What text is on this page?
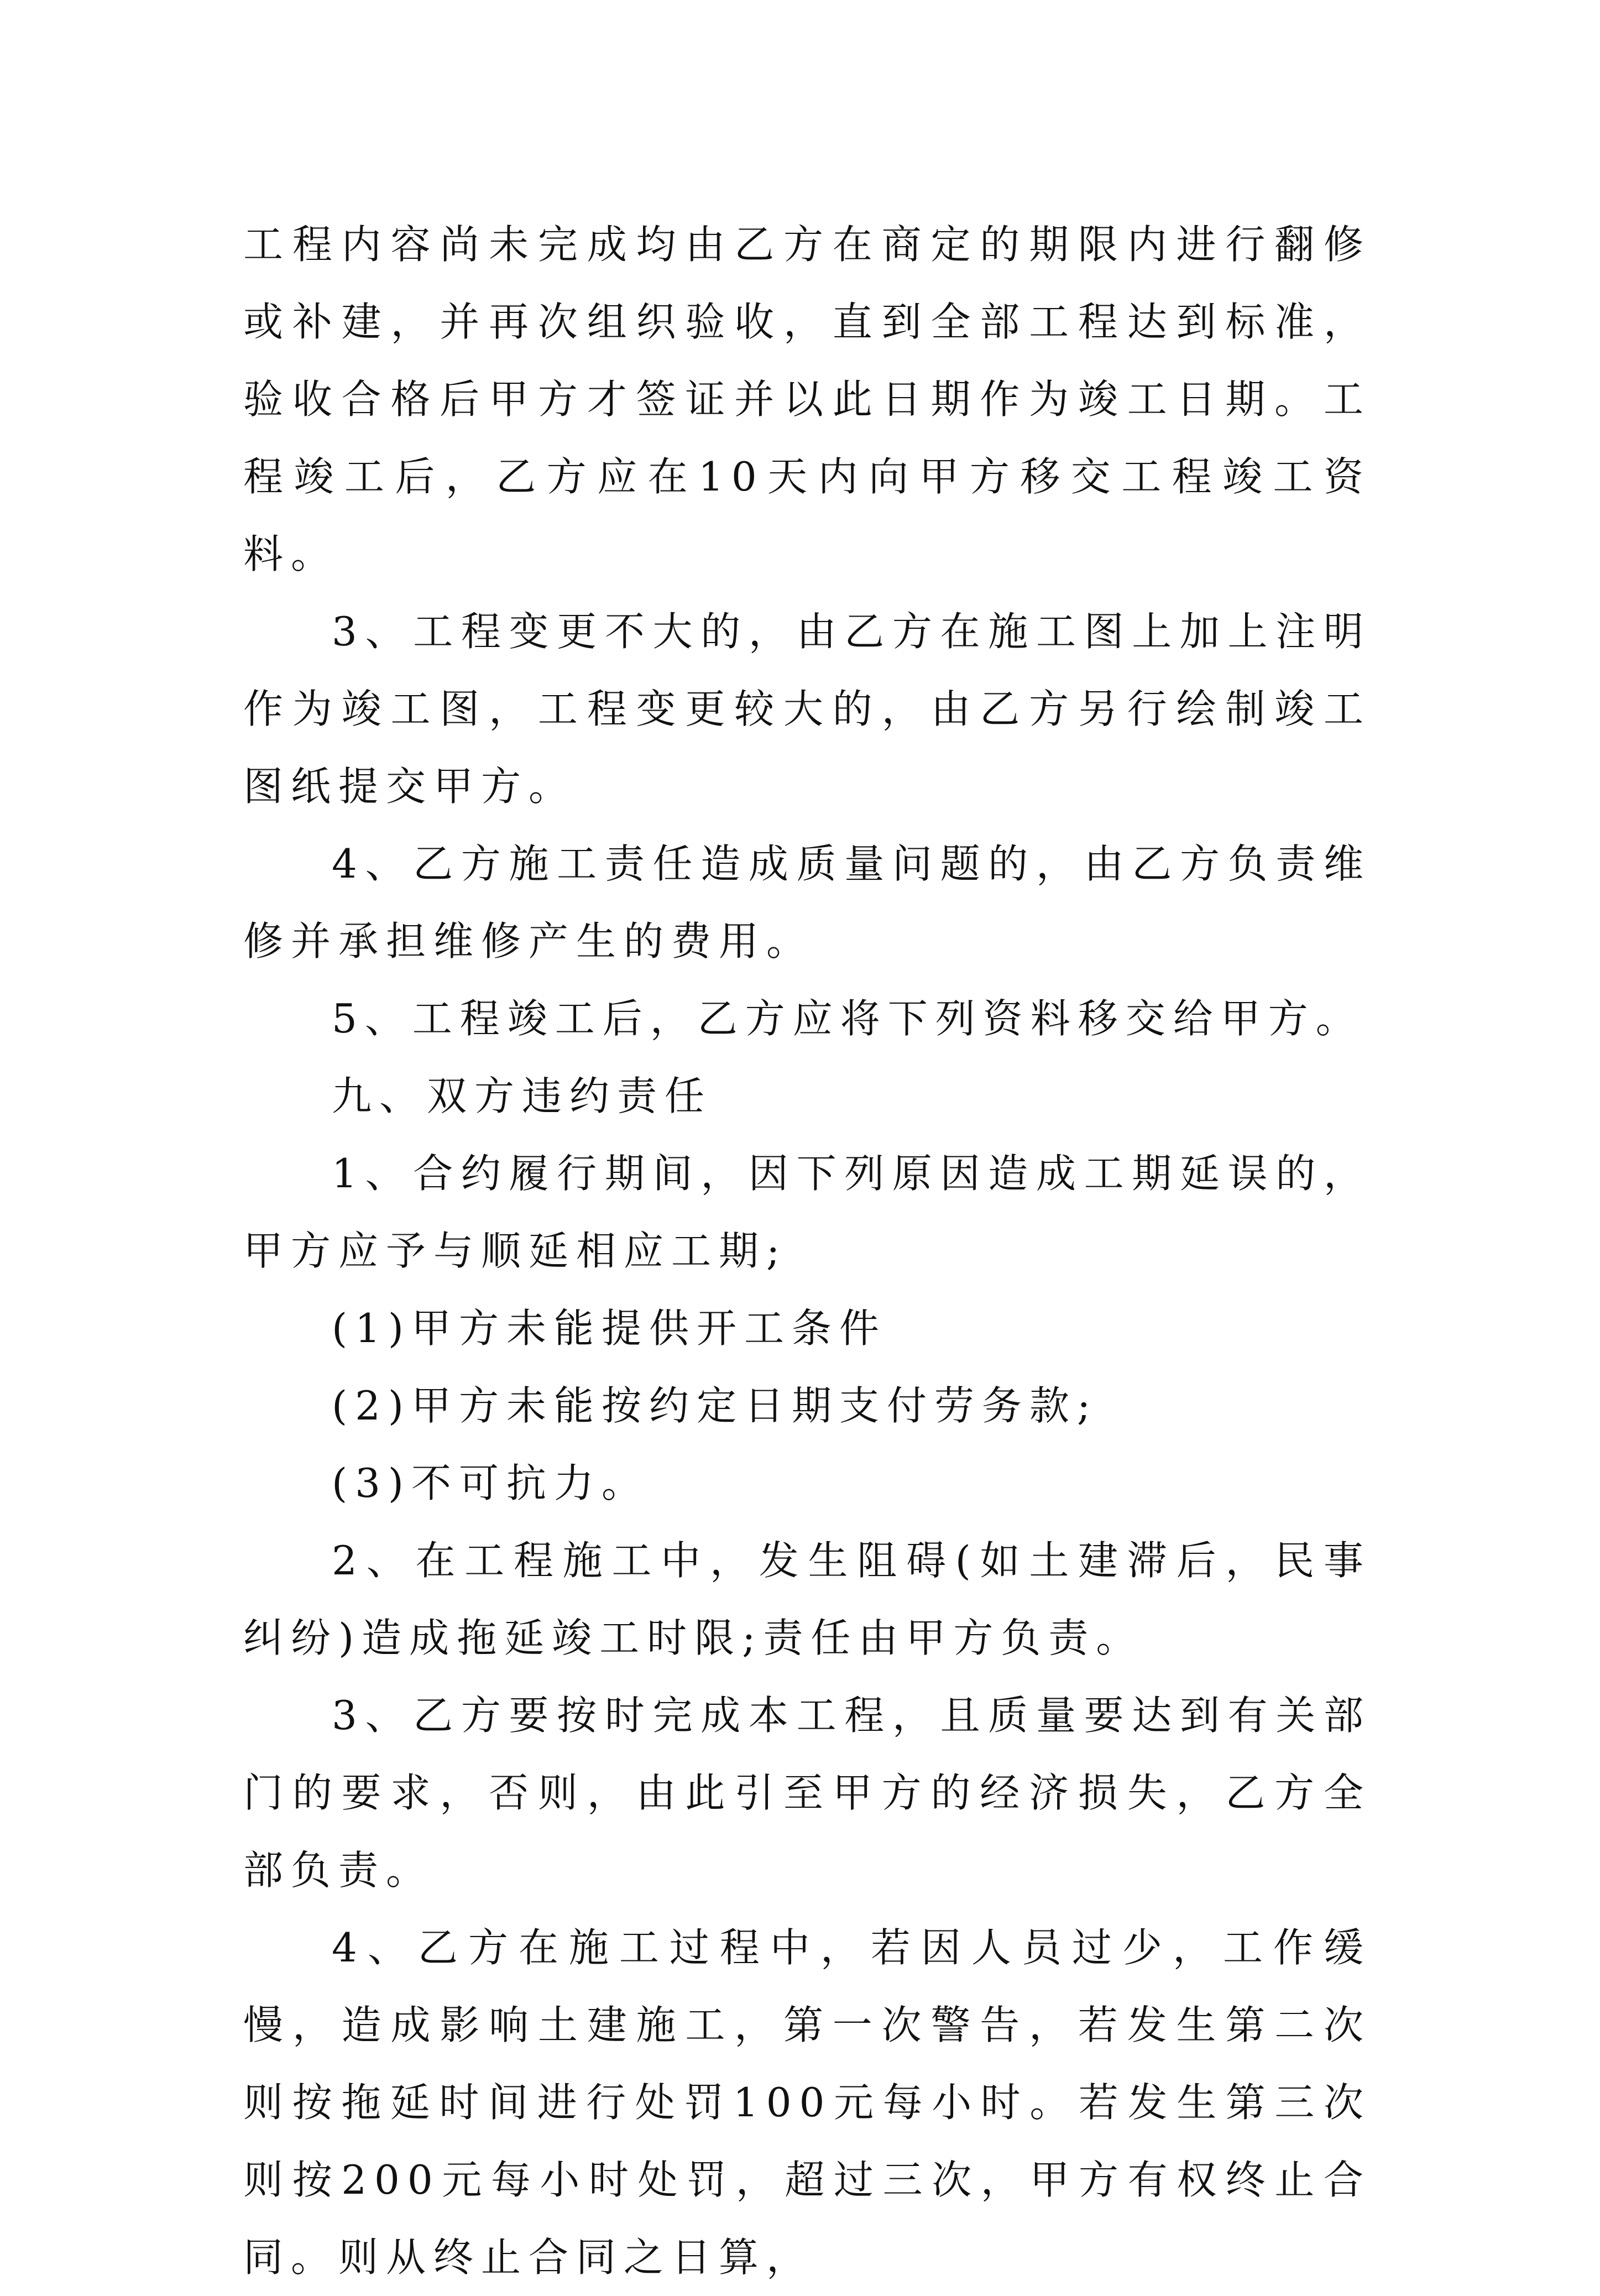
工程内容尚未完成均由乙方在商定的期限内进行翻修或补建，并再次组织验收，直到全部工程达到标准，验收合格后甲方才签证并以此日期作为竣工日期。工程竣工后，乙方应在10天内向甲方移交工程竣工资料。

3、工程变更不大的，由乙方在施工图上加上注明作为竣工图，工程变更较大的，由乙方另行绘制竣工图纸提交甲方。

4、乙方施工责任造成质量问题的，由乙方负责维修并承担维修产生的费用。

5、工程竣工后，乙方应将下列资料移交给甲方。

九、双方违约责任

1、合约履行期间，因下列原因造成工期延误的，甲方应予与顺延相应工期;

(1)甲方未能提供开工条件

(2)甲方未能按约定日期支付劳务款;

(3)不可抗力。

2、在工程施工中，发生阻碍(如土建滞后，民事纠纷)造成拖延竣工时限;责任由甲方负责。

3、乙方要按时完成本工程，且质量要达到有关部门的要求，否则，由此引至甲方的经济损失，乙方全部负责。

4、乙方在施工过程中，若因人员过少，工作缓慢，造成影响土建施工，第一次警告，若发生第二次则按拖延时间进行处罚100元每小时。若发生第三次则按200元每小时处罚，超过三次，甲方有权终止合同。则从终止合同之日算，
